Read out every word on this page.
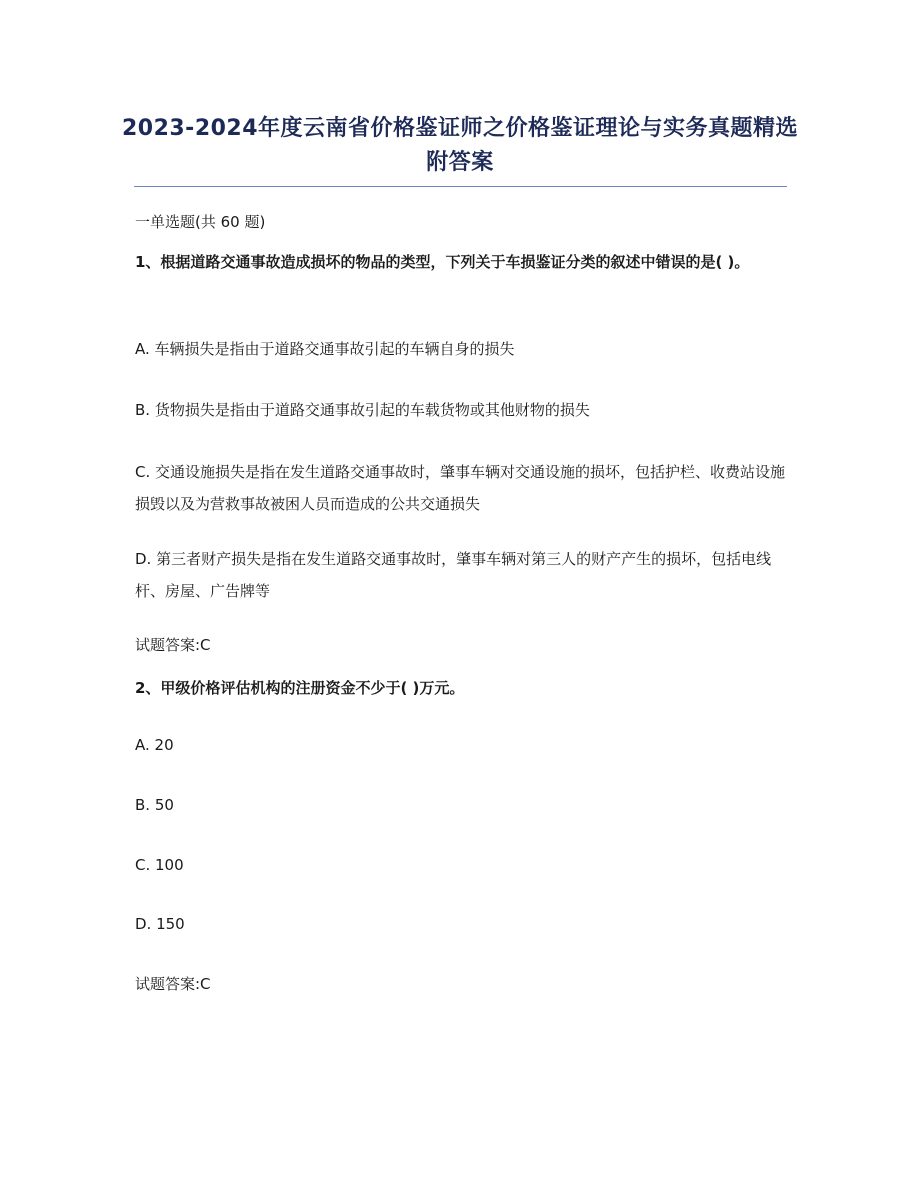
2023-2024年度云南省价格鉴证师之价格鉴证理论与实务真题精选附答案
一单选题(共 60 题)
1、根据道路交通事故造成损坏的物品的类型，下列关于车损鉴证分类的叙述中错误的是( )。
A. 车辆损失是指由于道路交通事故引起的车辆自身的损失
B. 货物损失是指由于道路交通事故引起的车载货物或其他财物的损失
C. 交通设施损失是指在发生道路交通事故时，肇事车辆对交通设施的损坏，包括护栏、收费站设施损毁以及为营救事故被困人员而造成的公共交通损失
D. 第三者财产损失是指在发生道路交通事故时，肇事车辆对第三人的财产产生的损坏，包括电线杆、房屋、广告牌等
试题答案:C
2、甲级价格评估机构的注册资金不少于( )万元。
A. 20
B. 50
C. 100
D. 150
试题答案:C
